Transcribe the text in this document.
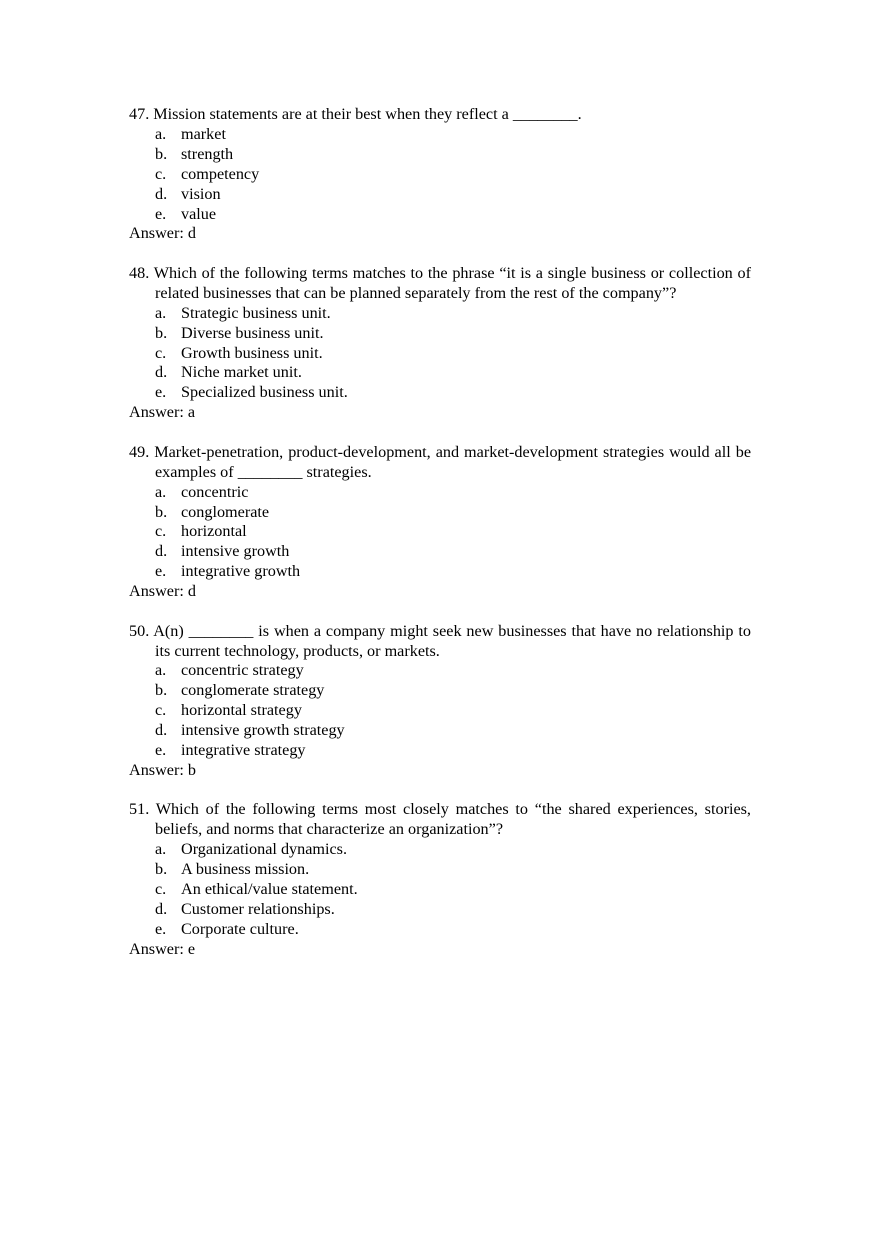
47. Mission statements are at their best when they reflect a ________.
a. market
b. strength
c. competency
d. vision
e. value
Answer: d
48. Which of the following terms matches to the phrase “it is a single business or collection of related businesses that can be planned separately from the rest of the company”?
a. Strategic business unit.
b. Diverse business unit.
c. Growth business unit.
d. Niche market unit.
e. Specialized business unit.
Answer: a
49. Market-penetration, product-development, and market-development strategies would all be examples of ________ strategies.
a. concentric
b. conglomerate
c. horizontal
d. intensive growth
e. integrative growth
Answer: d
50. A(n) ________ is when a company might seek new businesses that have no relationship to its current technology, products, or markets.
a. concentric strategy
b. conglomerate strategy
c. horizontal strategy
d. intensive growth strategy
e. integrative strategy
Answer: b
51. Which of the following terms most closely matches to “the shared experiences, stories, beliefs, and norms that characterize an organization”?
a. Organizational dynamics.
b. A business mission.
c. An ethical/value statement.
d. Customer relationships.
e. Corporate culture.
Answer: e
